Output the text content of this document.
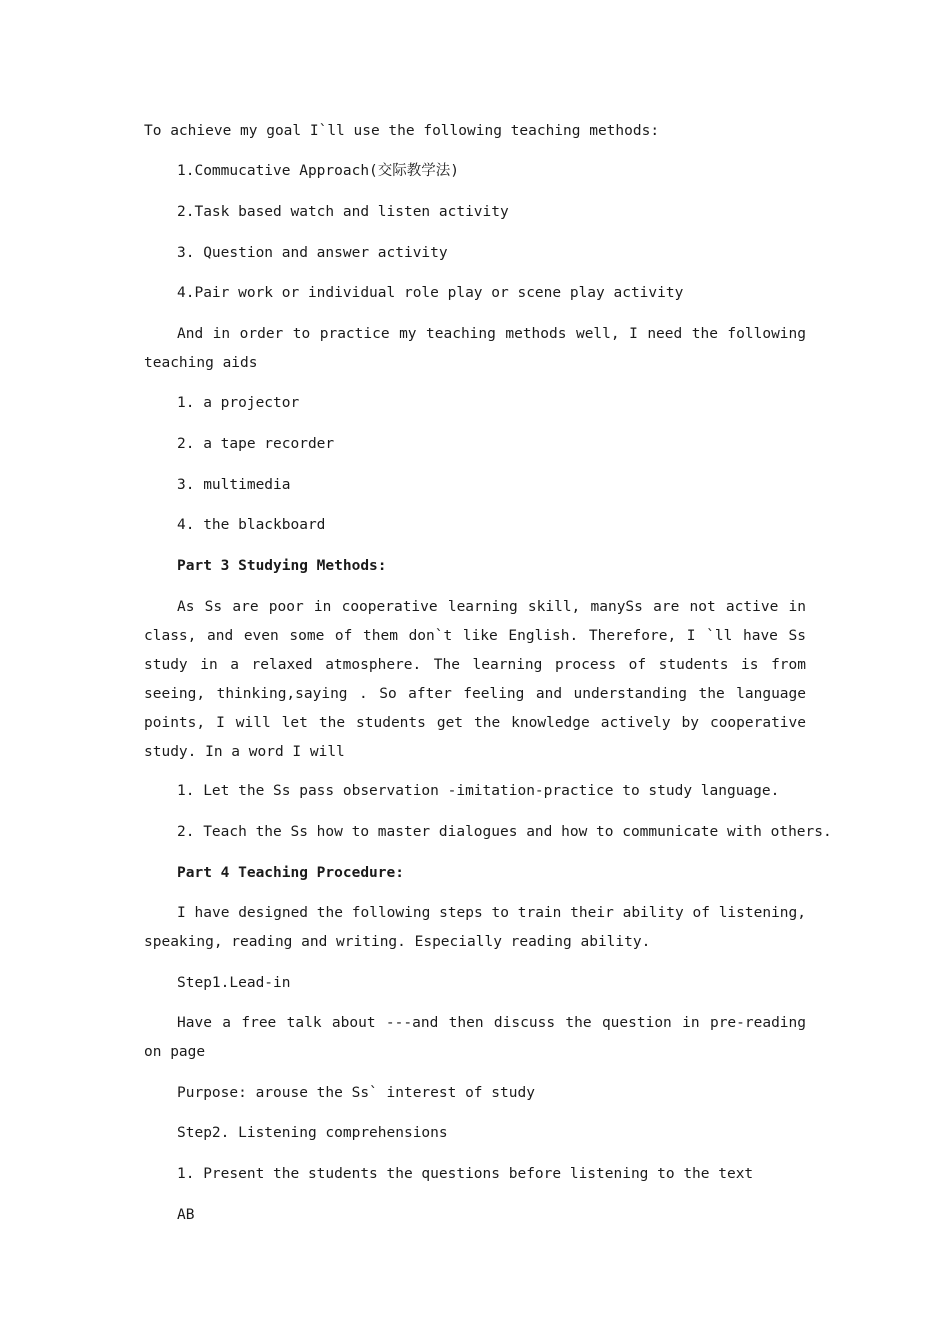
To achieve my goal I`ll use the following teaching methods:
1.Commucative Approach(交际教学法)
2.Task based watch and listen activity
3. Question and answer activity
4.Pair work or individual role play or scene play activity
And in order to practice my teaching methods well, I need the following teaching aids
1. a projector
2. a tape recorder
3. multimedia
4. the blackboard
Part 3 Studying Methods:
As Ss are poor in cooperative learning skill, manySs are not active in class, and even some of them don`t like English. Therefore, I `ll have Ss study in a relaxed atmosphere. The learning process of students is from seeing, thinking,saying . So after feeling and understanding the language points, I will let the students get the knowledge actively by cooperative study. In a word I will
1. Let the Ss pass observation -imitation-practice to study language.
2. Teach the Ss how to master dialogues and how to communicate with others.
Part 4 Teaching Procedure:
I have designed the following steps to train their ability of listening, speaking, reading and writing. Especially reading ability.
Step1.Lead-in
Have a free talk about ---and then discuss the question in pre-reading on page
Purpose: arouse the Ss` interest of study
Step2. Listening comprehensions
1. Present the students the questions before listening to the text
AB
